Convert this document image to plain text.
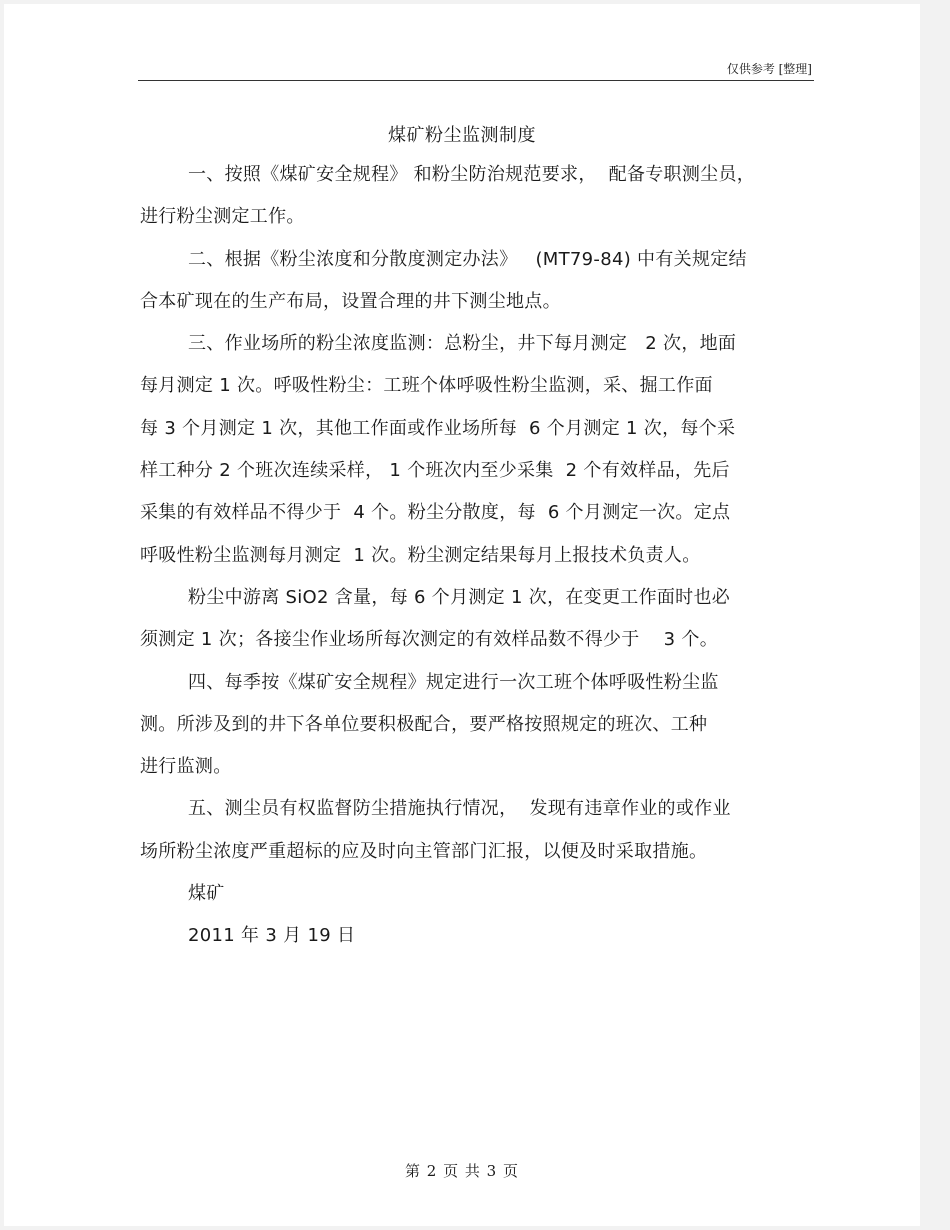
仅供参考 [整理]
煤矿粉尘监测制度
一、按照《煤矿安全规程》 和粉尘防治规范要求，  配备专职测尘员，
进行粉尘测定工作。
二、根据《粉尘浓度和分散度测定办法》   (MT79-84) 中有关规定结
合本矿现在的生产布局，设置合理的井下测尘地点。
三、作业场所的粉尘浓度监测：总粉尘，井下每月测定   2 次，地面
每月测定 1 次。呼吸性粉尘：工班个体呼吸性粉尘监测，采、掘工作面
每 3 个月测定 1 次，其他工作面或作业场所每  6 个月测定 1 次，每个采
样工种分 2 个班次连续采样， 1 个班次内至少采集  2 个有效样品，先后
采集的有效样品不得少于  4 个。粉尘分散度，每  6 个月测定一次。定点
呼吸性粉尘监测每月测定  1 次。粉尘测定结果每月上报技术负责人。
粉尘中游离 SiO2 含量，每 6 个月测定 1 次，在变更工作面时也必
须测定 1 次；各接尘作业场所每次测定的有效样品数不得少于    3 个。
四、每季按《煤矿安全规程》规定进行一次工班个体呼吸性粉尘监
测。所涉及到的井下各单位要积极配合，要严格按照规定的班次、工种
进行监测。
五、测尘员有权监督防尘措施执行情况，  发现有违章作业的或作业
场所粉尘浓度严重超标的应及时向主管部门汇报，以便及时采取措施。
煤矿
2011 年 3 月 19 日
第 2 页 共 3 页
